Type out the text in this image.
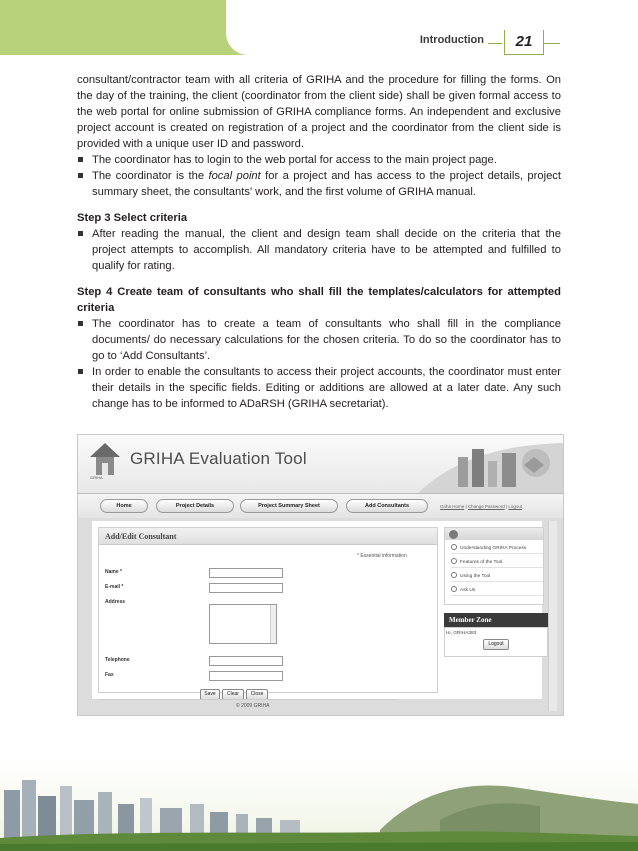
Introduction	21

consultant/contractor team with all criteria of GRIHA and the procedure for filling the forms. On the day of the training, the client (coordinator from the client side) shall be given formal access to the web portal for online submission of GRIHA compliance forms. An independent and exclusive project account is created on registration of a project and the coordinator from the client side is provided with a unique user ID and password.

The coordinator has to login to the web portal for access to the main project page.
The coordinator is the focal point for a project and has access to the project details, project summary sheet, the consultants' work, and the first volume of GRIHA manual.
Step 3 Select criteria
After reading the manual, the client and design team shall decide on the criteria that the project attempts to accomplish. All mandatory criteria have to be attempted and fulfilled to qualify for rating.
Step 4 Create team of consultants who shall fill the templates/calculators for attempted criteria
The coordinator has to create a team of consultants who shall fill in the compliance documents/ do necessary calculations for the chosen criteria. To do so the coordinator has to go to ‘Add Consultants’.
In order to enable the consultants to access their project accounts, the coordinator must enter their details in the specific fields. Editing or additions are allowed at a later date. Any such change has to be informed to ADaRSH (GRIHA secretariat).
GRIHA
GRIHA Evaluation Tool
Home	Project Details	Project Summary Sheet	Add Consultants	Griha Home | Change Password | Logout
Add/Edit Consultant
* Essential information
Name *
E-mail *
Address
Telephone
Fax
Save	Clear	Close
Understanding GRIHA Process
Features of the Tool
Using the Tool
Ask Us
Member Zone
Hi, GRIHA383
Logout
© 2009 GRIHA
